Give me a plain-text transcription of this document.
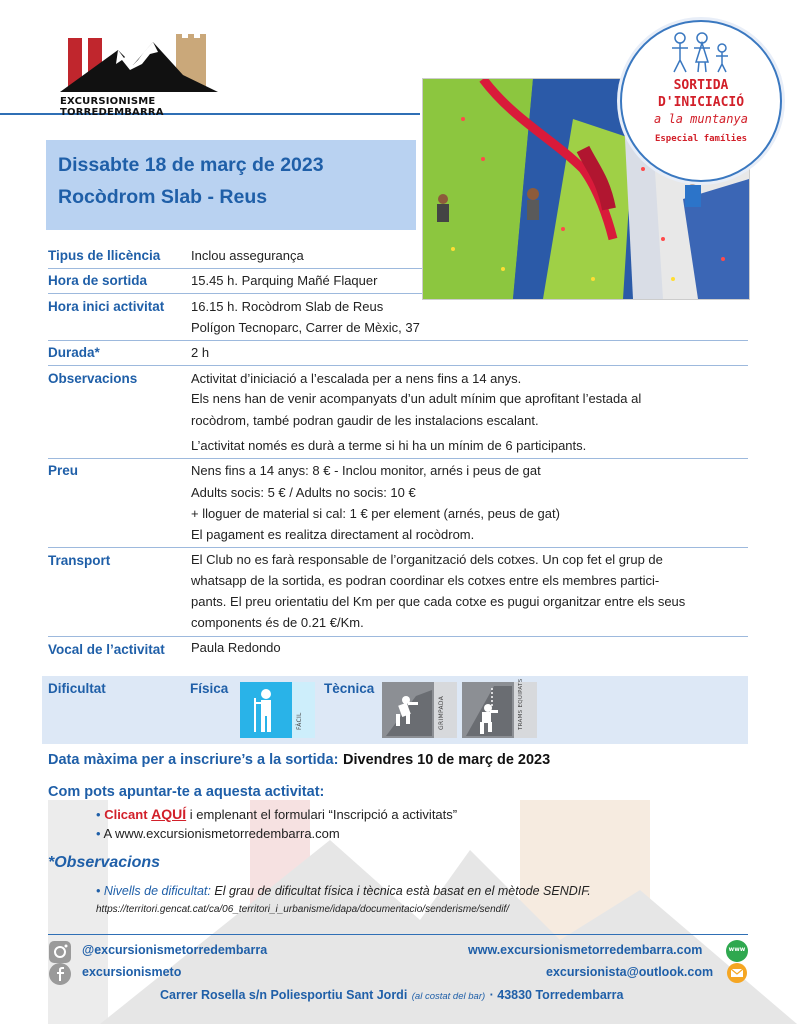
EXCURSIONISME TORREDEMBARRA
SORTIDA
D'INICIACIÓ
a la muntanya
Especial famílies
Dissabte 18 de març de 2023
Rocòdrom Slab - Reus
Tipus de llicència Inclou assegurança
Hora de sortida	15.45 h. Parquing Mañé Flaquer
Hora inici activitat 16.15 h. Rocòdrom Slab de Reus
Polígon Tecnoparc, Carrer de Mèxic, 37
Durada*	2 h
Observacions	Activitat d’iniciació a l’escalada per a nens fins a 14 anys.
Els nens han de venir acompanyats d’un adult mínim que aprofitant l’estada al
rocòdrom, també podran gaudir de les instalacions escalant.
L’activitat només es durà a terme si hi ha un mínim de 6 participants.
Preu	Nens fins a 14 anys: 8 € - Inclou monitor, arnés i peus de gat
Adults socis: 5 € / Adults no socis: 10 €
+ lloguer de material si cal: 1 € per element (arnés, peus de gat)
El pagament es realitza directament al rocòdrom.
Transport	El Club no es farà responsable de l’organització dels cotxes. Un cop fet el grup de
whatsapp de la sortida, es podran coordinar els cotxes entre els membres partici-
pants. El preu orientatiu del Km per que cada cotxe es pugui organitzar entre els seus
components és de 0.21 €/Km.
Vocal de l’activitat Paula Redondo
Dificultat	Física	Tècnica
FÀCIL	GRIMPADA	TRAMS EQUIPATS
Data màxima per a inscriure’s a la sortida: Divendres 10 de març de 2023
Com pots apuntar-te a aquesta activitat:
• Clicant AQUÍ i emplenant el formulari “Inscripció a activitats”
• A www.excursionismetorredembarra.com
*Observacions
• Nivells de dificultat: El grau de dificultat física i tècnica està basat en el mètode SENDIF.
https://territori.gencat.cat/ca/06_territori_i_urbanisme/idapa/documentacio/senderisme/sendif/
@excursionismetorredembarra
excursionismeto
www.excursionismetorredembarra.com	www
excursionista@outlook.com
Carrer Rosella s/n Poliesportiu Sant Jordi (al costat del bar) · 43830 Torredembarra
